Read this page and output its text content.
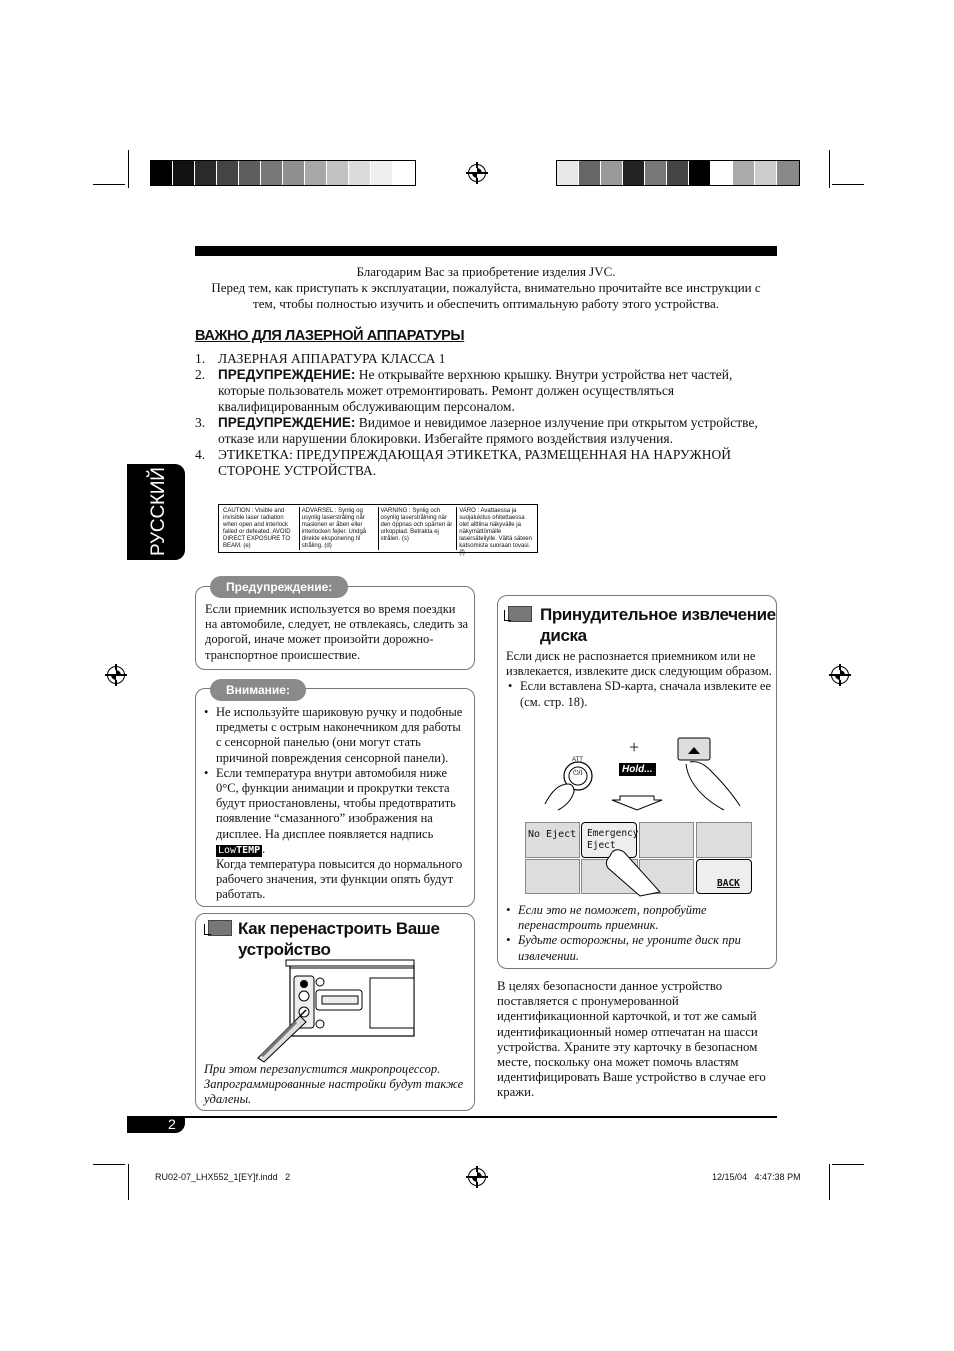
Благодарим Вас за приобретение изделия JVC.
Перед тем, как приступать к эксплуатации, пожалуйста, внимательно прочитайте все инструкции с
тем, чтобы полностью изучить и обеспечить оптимальную работу этого устройства.
ВАЖНО ДЛЯ ЛАЗЕРНОЙ АППАРАТУРЫ
1. ЛАЗЕРНАЯ АППАРАТУРА КЛАССА 1
2. ПРЕДУПРЕЖДЕНИЕ: Не открывайте верхнюю крышку. Внутри устройства нет частей, которые пользователь может отремонтировать. Ремонт должен осуществляться квалифицированным обслуживающим персоналом.
3. ПРЕДУПРЕЖДЕНИЕ: Видимое и невидимое лазерное излучение при открытом устройстве, отказе или нарушении блокировки. Избегайте прямого воздействия излучения.
4. ЭТИКЕТКА: ПРЕДУПРЕЖДАЮЩАЯ ЭТИКЕТКА, РАЗМЕЩЕННАЯ НА НАРУЖНОЙ СТОРОНЕ УСТРОЙСТВА.
CAUTION : Visible and invisible laser radiation when open and interlock failed or defeated. AVOID DIRECT EXPOSURE TO BEAM. (e)
ADVARSEL : Synlig og usynlig laserstråling når maskinen er åben eller interlocken fejler. Undgå direkte eksponering til stråling. (d)
VARNING : Synlig och osynlig laserstrålning när den öppnas och spärren är urkopplad. Betrakta ej strålen. (s)
VARO : Avattaessa ja suojalukitus ohitettaessa olet alttiina näkyvälle ja näkymättömälle lasersäteilylle. Vältä säteen katsomista suoraan tovasi. (f)
РУССКИЙ
Предупреждение:
Если приемник используется во время поездки на автомобиле, следует, не отвлекаясь, следить за дорогой, иначе может произойти дорожно-транспортное происшествие.
Внимание:
• Не используйте шариковую ручку и подобные предметы с острым наконечником для работы с сенсорной панелью (они могут стать причиной повреждения сенсорной панели).
• Если температура внутри автомобиля ниже 0°C, функции анимации и прокрутки текста будут приостановлены, чтобы предотвратить появление “смазанного” изображения на дисплее. На дисплее появляется надпись LowTEMP .
Когда температура повысится до нормального рабочего значения, эти функции опять будут работать.
Как перенастроить Ваше
устройство
При этом перезапустится микропроцессор. Запрограммированные настройки будут также удалены.
Принудительное извлечение
диска
Если диск не распознается приемником или не извлекается, извлеките диск следующим образом.
• Если вставлена SD-карта, сначала извлеките ее (см. стр. 18).
ATT
⏻/I
+
Hold...
No Eject Emergency
Eject
BACK
• Если это не поможет, попробуйте перенастроить приемник.
• Будьте осторожны, не уроните диск при извлечении.
В целях безопасности данное устройство поставляется с пронумерованной идентификационной карточкой, и тот же самый идентификационный номер отпечатан на шасси устройства. Храните эту карточку в безопасном месте, поскольку она может помочь властям идентифицировать Ваше устройство в случае его кражи.
2
RU02-07_LHX552_1[EY]f.indd   2	12/15/04   4:47:38 PM
